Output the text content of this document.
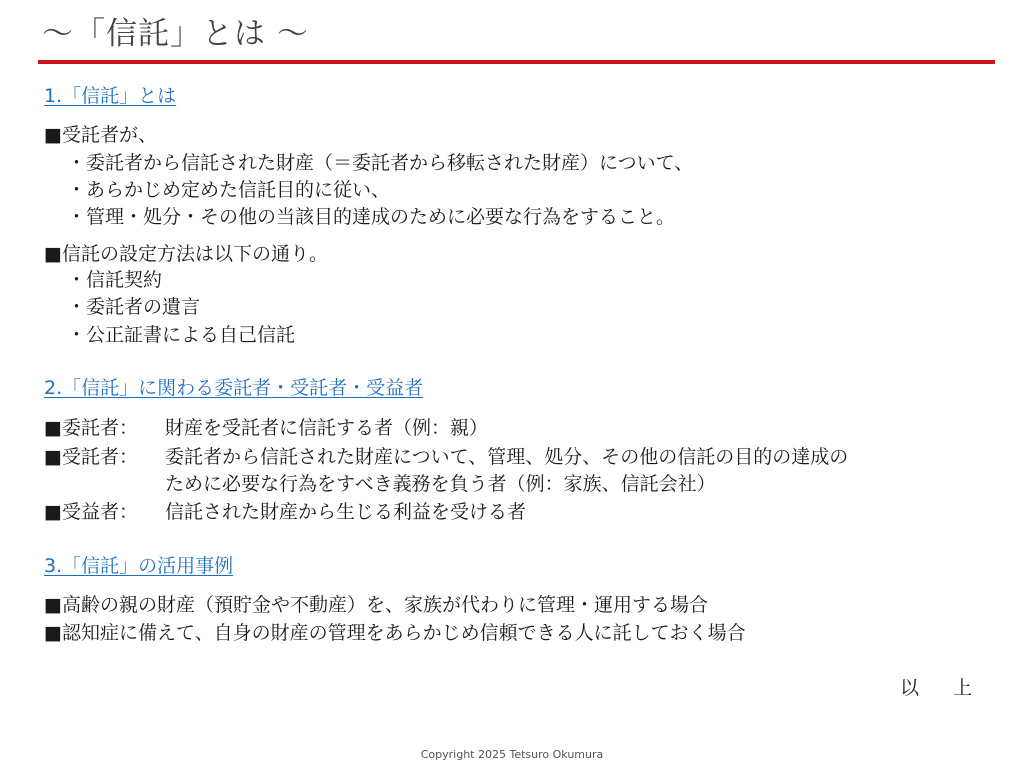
～「信託」とは ～
1.「信託」とは
■受託者が、
・委託者から信託された財産（＝委託者から移転された財産）について、
・あらかじめ定めた信託目的に従い、
・管理・処分・その他の当該目的達成のために必要な行為をすること。
■信託の設定方法は以下の通り。
・信託契約
・委託者の遺言
・公正証書による自己信託
2.「信託」に関わる委託者・受託者・受益者
■委託者： 財産を受託者に信託する者（例：親）
■受託者： 委託者から信託された財産について、管理、処分、その他の信託の目的の達成の
ために必要な行為をすべき義務を負う者（例：家族、信託会社）
■受益者： 信託された財産から生じる利益を受ける者
3.「信託」の活用事例
■高齢の親の財産（預貯金や不動産）を、家族が代わりに管理・運用する場合
■認知症に備えて、自身の財産の管理をあらかじめ信頼できる人に託しておく場合
以 上
Copyright 2025 Tetsuro Okumura
